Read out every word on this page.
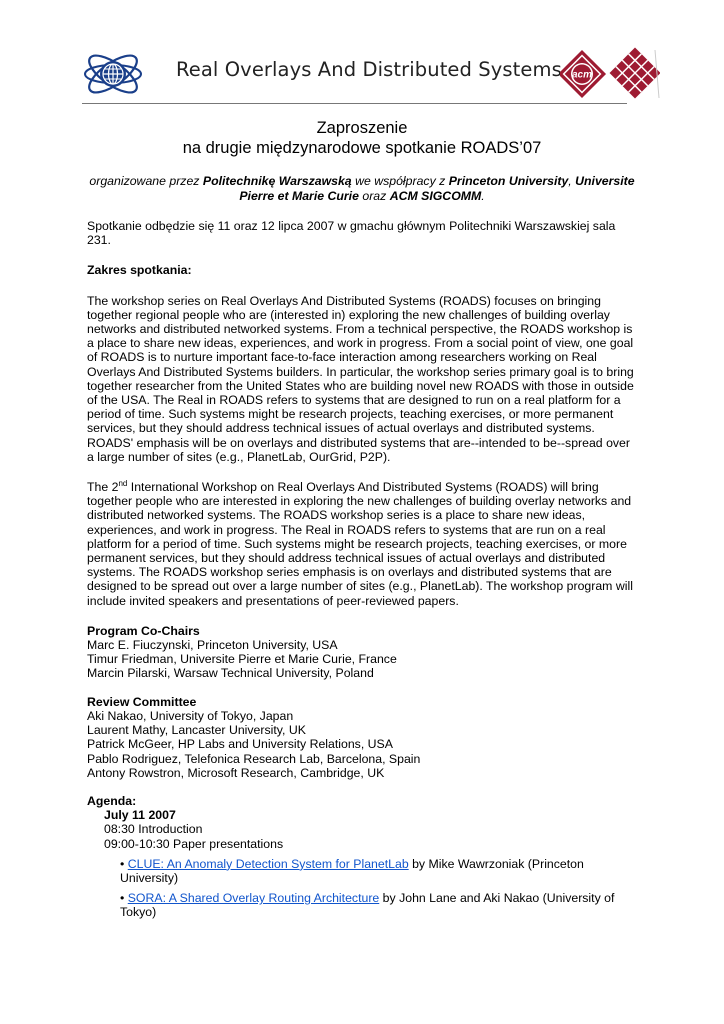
Real Overlays And Distributed Systems acm

Zaproszenie

na drugie międzynarodowe spotkanie ROADS’07

organizowane przez Politechnikę Warszawską we współpracy z Princeton University, Universite Pierre et Marie Curie oraz ACM SIGCOMM.

Spotkanie odbędzie się 11 oraz 12 lipca 2007 w gmachu głównym Politechniki Warszawskiej sala 231.

Zakres spotkania:

The workshop series on Real Overlays And Distributed Systems (ROADS) focuses on bringing together regional people who are (interested in) exploring the new challenges of building overlay networks and distributed networked systems. From a technical perspective, the ROADS workshop is a place to share new ideas, experiences, and work in progress. From a social point of view, one goal of ROADS is to nurture important face-to-face interaction among researchers working on Real Overlays And Distributed Systems builders. In particular, the workshop series primary goal is to bring together researcher from the United States who are building novel new ROADS with those in outside of the USA. The Real in ROADS refers to systems that are designed to run on a real platform for a period of time. Such systems might be research projects, teaching exercises, or more permanent services, but they should address technical issues of actual overlays and distributed systems. ROADS' emphasis will be on overlays and distributed systems that are--intended to be--spread over a large number of sites (e.g., PlanetLab, OurGrid, P2P).

The 2nd International Workshop on Real Overlays And Distributed Systems (ROADS) will bring together people who are interested in exploring the new challenges of building overlay networks and distributed networked systems. The ROADS workshop series is a place to share new ideas, experiences, and work in progress. The Real in ROADS refers to systems that are run on a real platform for a period of time. Such systems might be research projects, teaching exercises, or more permanent services, but they should address technical issues of actual overlays and distributed systems. The ROADS workshop series emphasis is on overlays and distributed systems that are designed to be spread out over a large number of sites (e.g., PlanetLab). The workshop program will include invited speakers and presentations of peer-reviewed papers.

Program Co-Chairs

Marc E. Fiuczynski, Princeton University, USA

Timur Friedman, Universite Pierre et Marie Curie, France

Marcin Pilarski, Warsaw Technical University, Poland

Review Committee

Aki Nakao, University of Tokyo, Japan

Laurent Mathy, Lancaster University, UK

Patrick McGeer, HP Labs and University Relations, USA

Pablo Rodriguez, Telefonica Research Lab, Barcelona, Spain

Antony Rowstron, Microsoft Research, Cambridge, UK

Agenda:

July 11 2007

08:30 Introduction

09:00-10:30 Paper presentations

• CLUE: An Anomaly Detection System for PlanetLab by Mike Wawrzoniak (Princeton University)

• SORA: A Shared Overlay Routing Architecture by John Lane and Aki Nakao (University of Tokyo)
